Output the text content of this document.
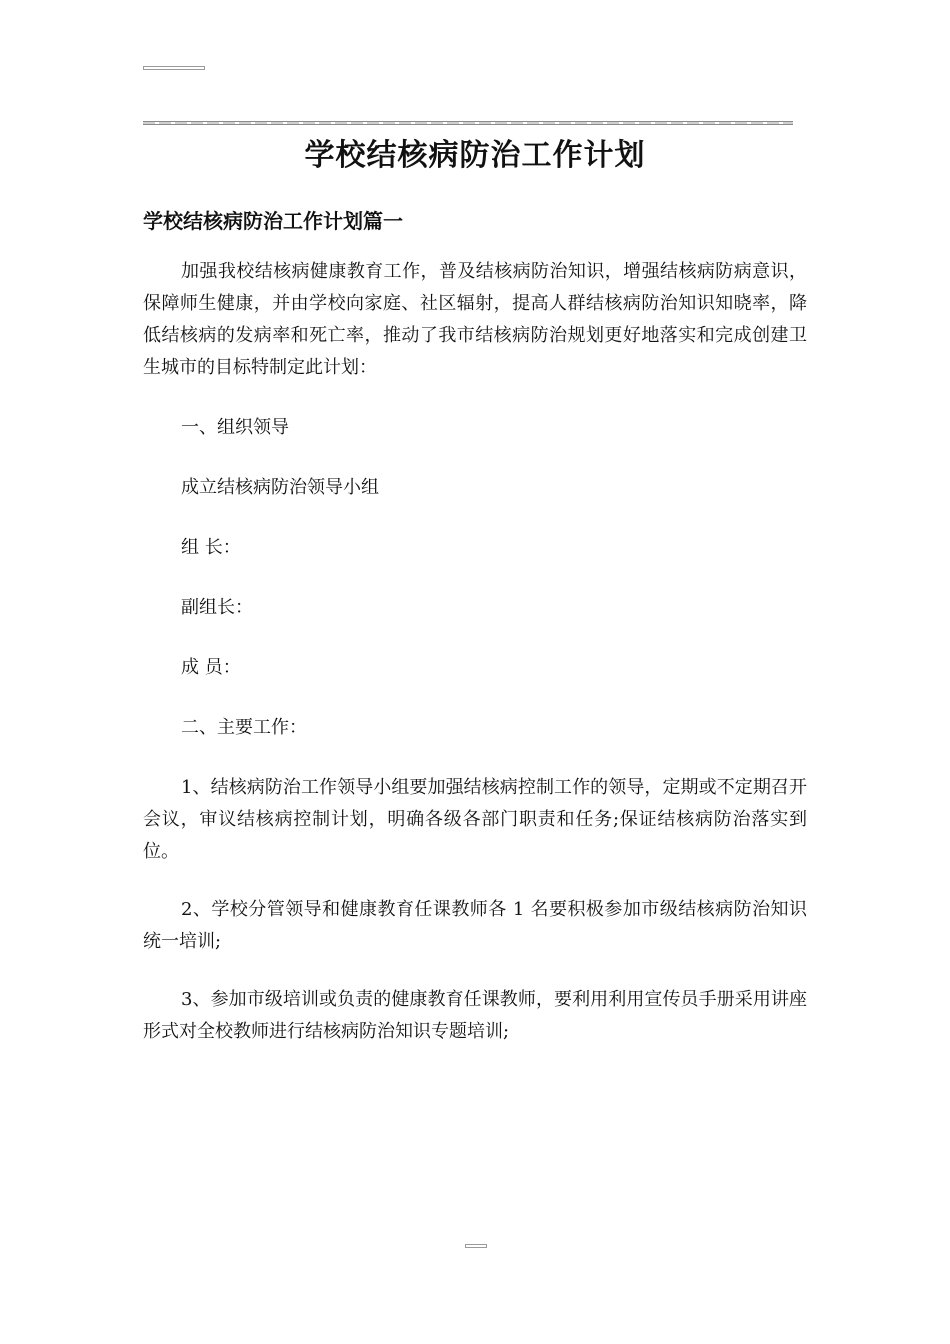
学校结核病防治工作计划
学校结核病防治工作计划篇一

加强我校结核病健康教育工作，普及结核病防治知识，增强结核病防病意识，保障师生健康，并由学校向家庭、社区辐射，提高人群结核病防治知识知晓率，降低结核病的发病率和死亡率，推动了我市结核病防治规划更好地落实和完成创建卫生城市的目标特制定此计划：

一、组织领导

成立结核病防治领导小组

组 长：

副组长：

成 员：

二、主要工作：

1、结核病防治工作领导小组要加强结核病控制工作的领导，定期或不定期召开会议，审议结核病控制计划，明确各级各部门职责和任务;保证结核病防治落实到位。

2、学校分管领导和健康教育任课教师各 1 名要积极参加市级结核病防治知识统一培训;

3、参加市级培训或负责的健康教育任课教师，要利用利用宣传员手册采用讲座形式对全校教师进行结核病防治知识专题培训;
